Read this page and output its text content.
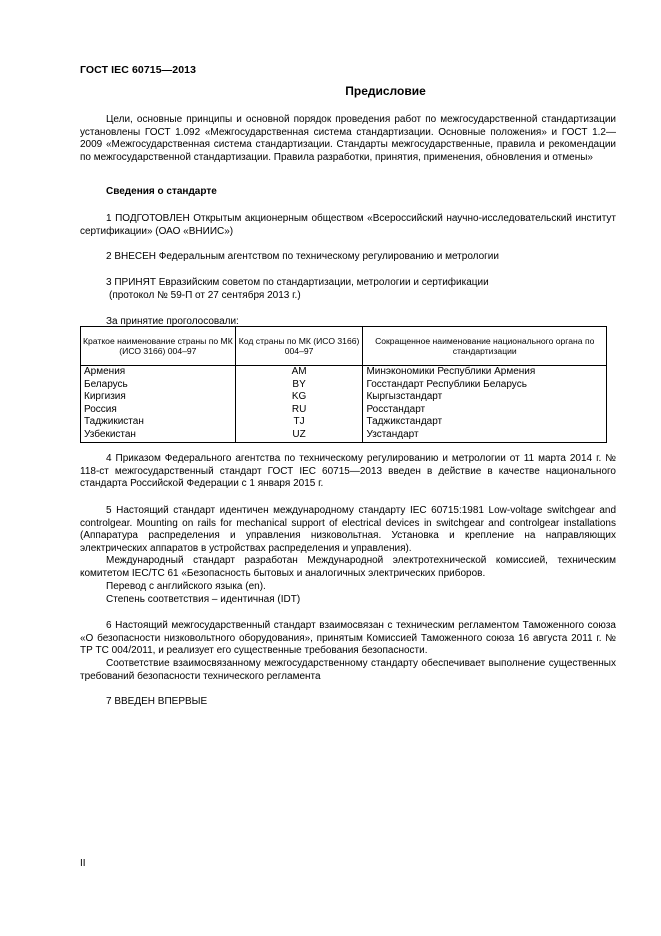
ГОСТ IEC 60715—2013
Предисловие

Цели, основные принципы и основной порядок проведения работ по межгосударственной стандартизации установлены ГОСТ 1.092 «Межгосударственная система стандартизации. Основные положения» и ГОСТ 1.2—2009 «Межгосударственная система стандартизации. Стандарты межгосударственные, правила и рекомендации по межгосударственной стандартизации. Правила разработки, принятия, применения, обновления и отмены»

Сведения о стандарте

1 ПОДГОТОВЛЕН Открытым акционерным обществом «Всероссийский научно-исследовательский институт сертификации» (ОАО «ВНИИС»)

2 ВНЕСЕН Федеральным агентством по техническому регулированию и метрологии

3 ПРИНЯТ Евразийским советом по стандартизации, метрологии и сертификации

(протокол № 59-П от 27 сентября 2013 г.)

За принятие проголосовали:
Краткое наименование страны по МК (ИСО 3166) 004–97	Код страны по МК (ИСО 3166) 004–97	Сокращенное наименование национального органа по стандартизации
Армения	AM	Минэкономики Республики Армения
Беларусь	BY	Госстандарт Республики Беларусь
Киргизия	KG	Кыргызстандарт
Россия	RU	Росстандарт
Таджикистан	TJ	Таджикстандарт
Узбекистан	UZ	Узстандарт

4 Приказом Федерального агентства по техническому регулированию и метрологии от 11 марта 2014 г. № 118-ст межгосударственный стандарт ГОСТ IEC 60715—2013 введен в действие в качестве национального стандарта Российской Федерации с 1 января 2015 г.

5 Настоящий стандарт идентичен международному стандарту IEC 60715:1981 Low-voltage switchgear and controlgear. Mounting on rails for mechanical support of electrical devices in switchgear and controlgear installations (Аппаратура распределения и управления низковольтная. Установка и крепление на направляющих электрических аппаратов в устройствах распределения и управления).

Международный стандарт разработан Международной электротехнической комиссией, техническим комитетом IEC/TC 61 «Безопасность бытовых и аналогичных электрических приборов.

Перевод с английского языка (en).

Степень соответствия – идентичная (IDT)

6 Настоящий межгосударственный стандарт взаимосвязан с техническим регламентом Таможенного союза «О безопасности низковольтного оборудования», принятым Комиссией Таможенного союза 16 августа 2011 г. № ТР ТС 004/2011, и реализует его существенные требования безопасности.

Соответствие взаимосвязанному межгосударственному стандарту обеспечивает выполнение существенных требований безопасности технического регламента

7 ВВЕДЕН ВПЕРВЫЕ

II
